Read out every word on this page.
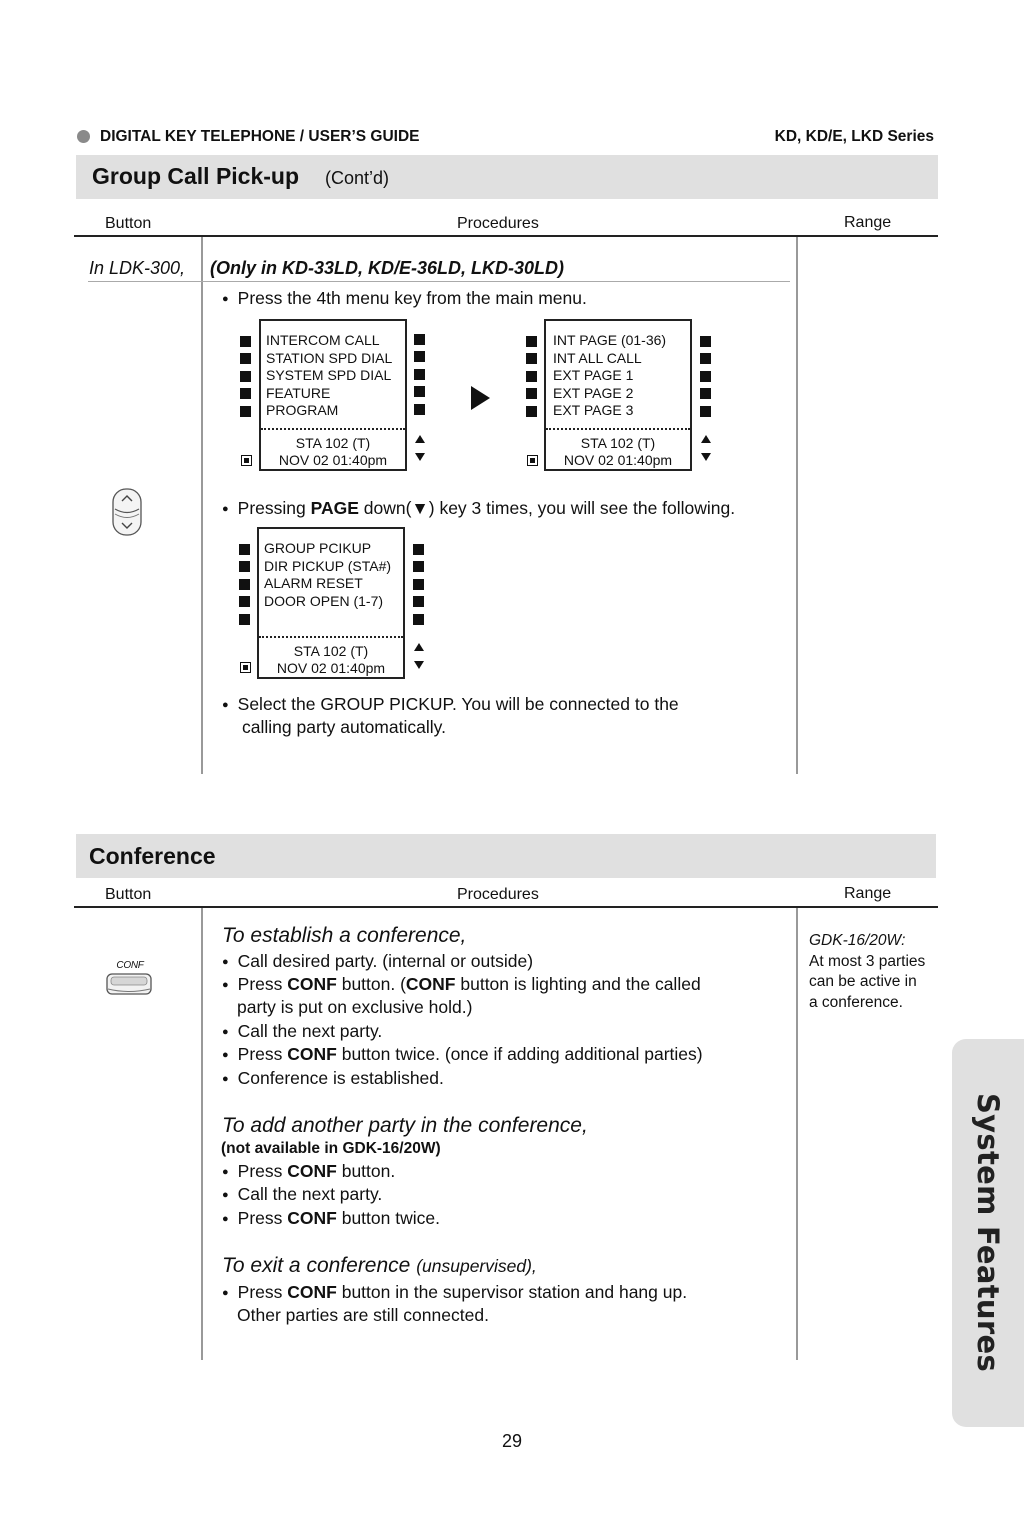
DIGITAL KEY TELEPHONE / USER’S GUIDE	KD, KD/E, LKD Series
Group Call Pick-up (Cont’d)
Button	Procedures	Range
In LDK-300, (Only in KD-33LD, KD/E-36LD, LKD-30LD)
● Press the 4th menu key from the main menu.
INTERCOM CALL
STATION SPD DIAL
SYSTEM SPD DIAL
FEATURE
PROGRAM
STA 102 (T)
NOV 02 01:40pm
INT PAGE (01-36)
INT ALL CALL
EXT PAGE 1
EXT PAGE 2
EXT PAGE 3
STA 102 (T)
NOV 02 01:40pm
● Pressing PAGE down(▼) key 3 times, you will see the following.
GROUP PCIKUP
DIR PICKUP (STA#)
ALARM RESET
DOOR OPEN (1-7)
STA 102 (T)
NOV 02 01:40pm
● Select the GROUP PICKUP. You will be connected to the
calling party automatically.
Conference
Button	Procedures	Range
CONF
To establish a conference,
● Call desired party. (internal or outside)
● Press CONF button. (CONF button is lighting and the called
party is put on exclusive hold.)
● Call the next party.
● Press CONF button twice. (once if adding additional parties)
● Conference is established.
To add another party in the conference,
(not available in GDK-16/20W)
● Press CONF button.
● Call the next party.
● Press CONF button twice.
To exit a conference (unsupervised),
● Press CONF button in the supervisor station and hang up.
Other parties are still connected.
GDK-16/20W:
At most 3 parties
can be active in
a conference.
System Features
29
